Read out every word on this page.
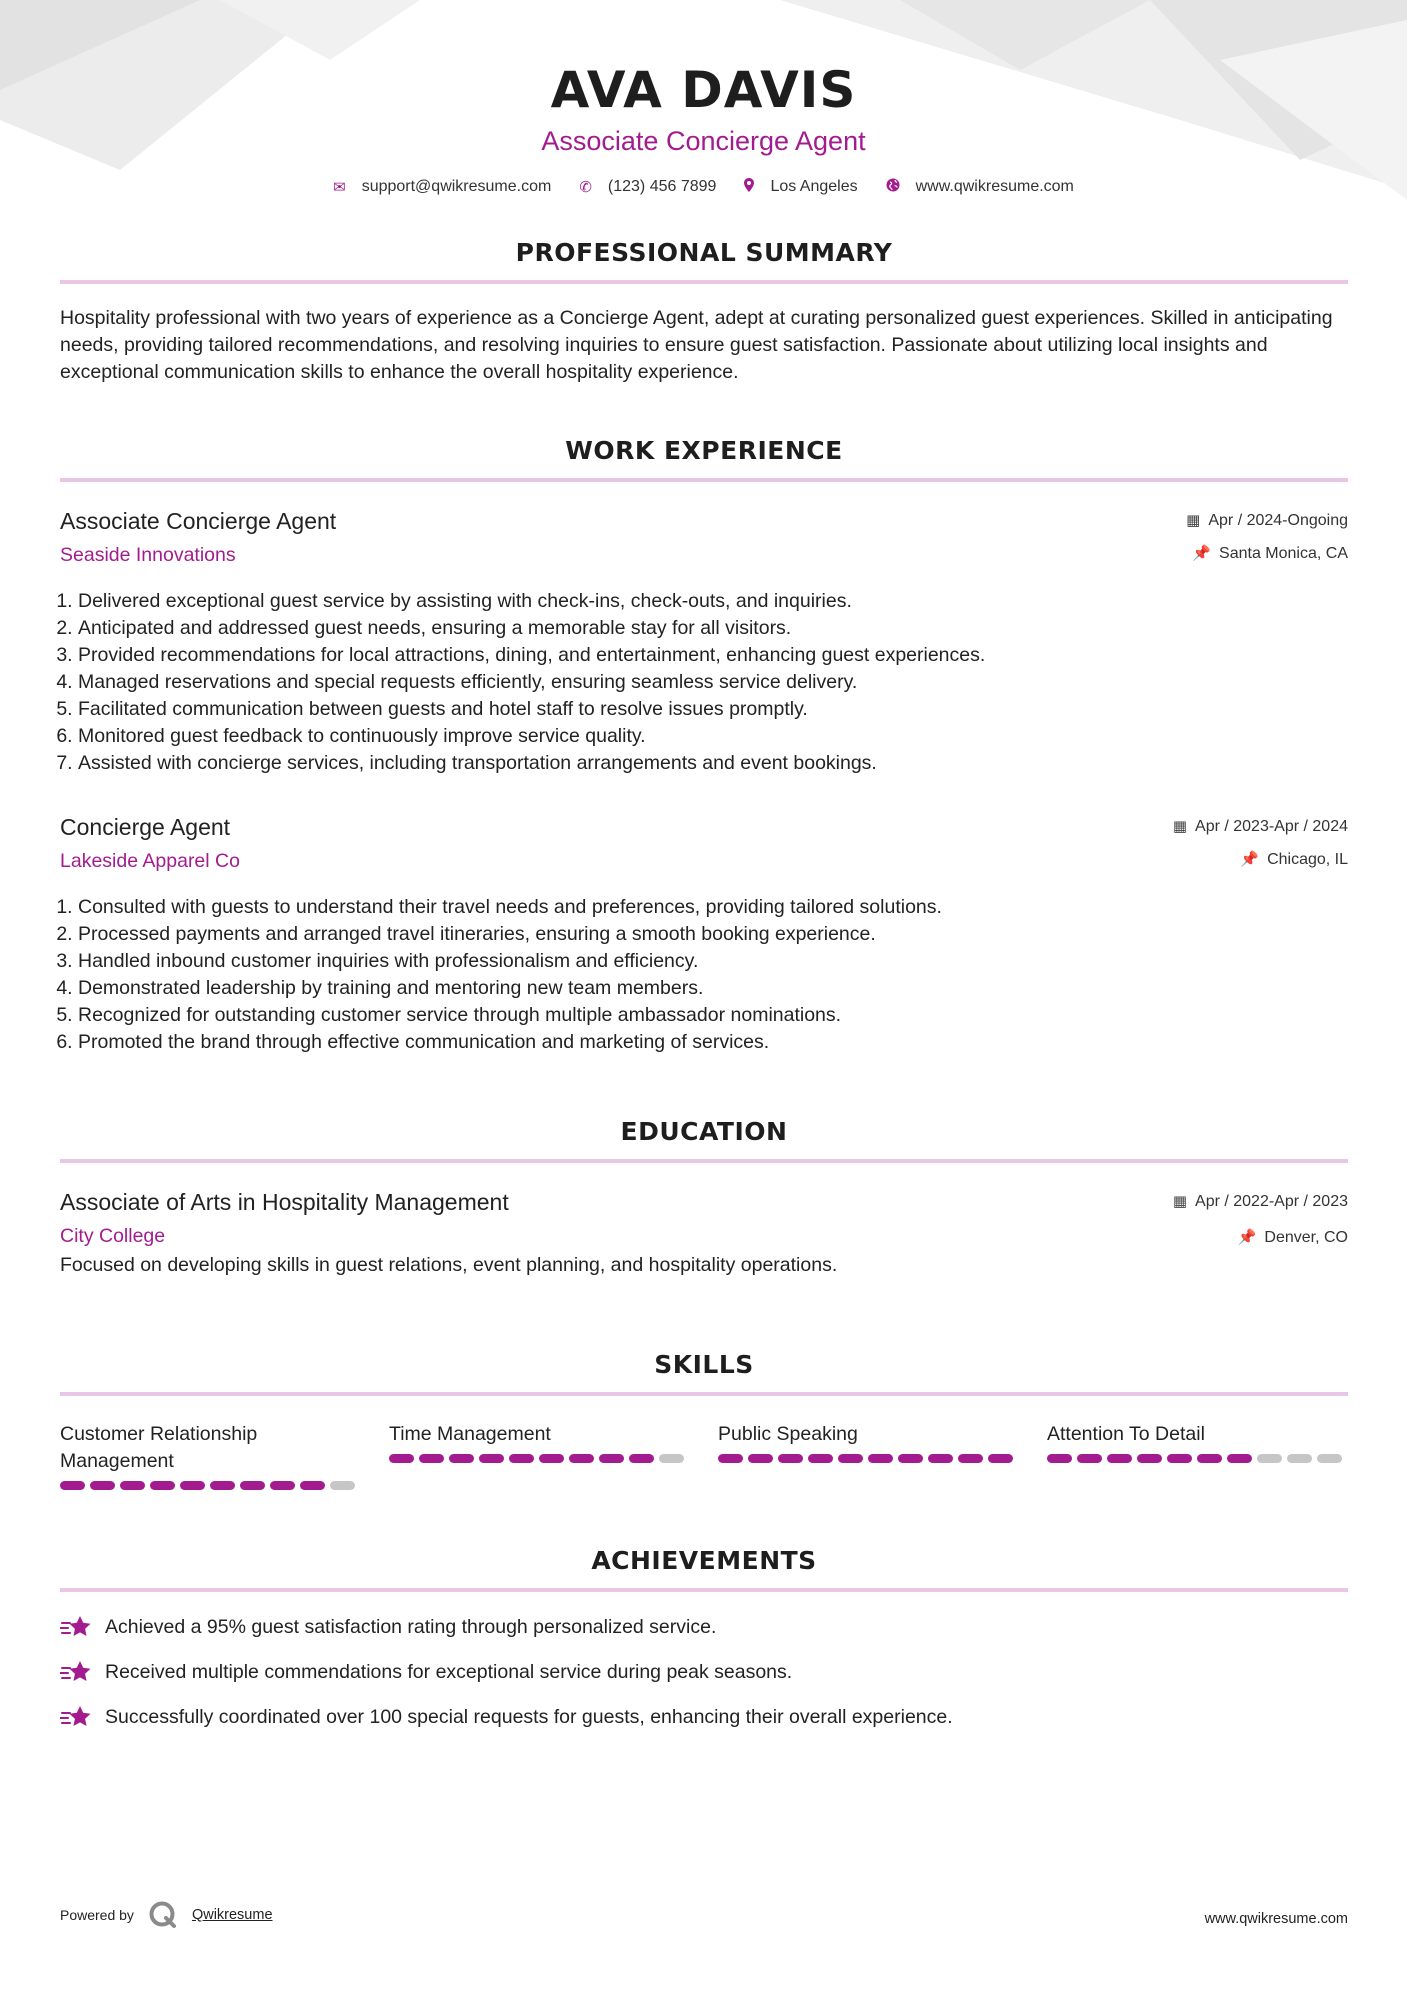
AVA DAVIS
Associate Concierge Agent
✉ support@qwikresume.com ✆ (123) 456 7899	Los Angeles	www.qwikresume.com
PROFESSIONAL SUMMARY
Hospitality professional with two years of experience as a Concierge Agent, adept at curating personalized guest experiences. Skilled in anticipating needs, providing tailored recommendations, and resolving inquiries to ensure guest satisfaction. Passionate about utilizing local insights and exceptional communication skills to enhance the overall hospitality experience.
WORK EXPERIENCE
Associate Concierge Agent
Seaside Innovations
▦ Apr / 2024-Ongoing
📌 Santa Monica, CA
1. Delivered exceptional guest service by assisting with check-ins, check-outs, and inquiries.
2. Anticipated and addressed guest needs, ensuring a memorable stay for all visitors.
3. Provided recommendations for local attractions, dining, and entertainment, enhancing guest experiences.
4. Managed reservations and special requests efficiently, ensuring seamless service delivery.
5. Facilitated communication between guests and hotel staff to resolve issues promptly.
6. Monitored guest feedback to continuously improve service quality.
7. Assisted with concierge services, including transportation arrangements and event bookings.
Concierge Agent
Lakeside Apparel Co
▦ Apr / 2023-Apr / 2024
📌 Chicago, IL
1. Consulted with guests to understand their travel needs and preferences, providing tailored solutions.
2. Processed payments and arranged travel itineraries, ensuring a smooth booking experience.
3. Handled inbound customer inquiries with professionalism and efficiency.
4. Demonstrated leadership by training and mentoring new team members.
5. Recognized for outstanding customer service through multiple ambassador nominations.
6. Promoted the brand through effective communication and marketing of services.
EDUCATION
Associate of Arts in Hospitality Management
City College
▦ Apr / 2022-Apr / 2023
📌 Denver, CO
Focused on developing skills in guest relations, event planning, and hospitality operations.
SKILLS
Customer Relationship Management
Time Management	Public Speaking	Attention To Detail
ACHIEVEMENTS
Achieved a 95% guest satisfaction rating through personalized service.
Received multiple commendations for exceptional service during peak seasons.
Successfully coordinated over 100 special requests for guests, enhancing their overall experience.
Powered by	Qwikresume	www.qwikresume.com
